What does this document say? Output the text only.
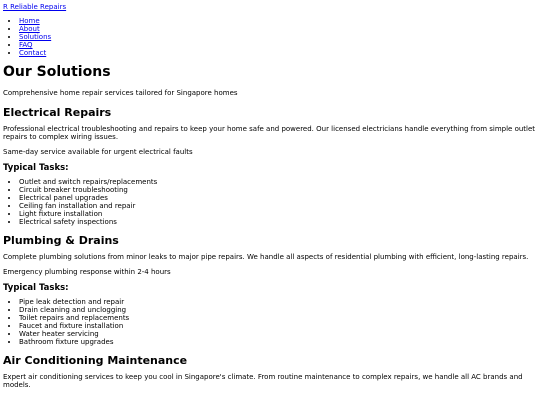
R Reliable Repairs
• Home
• About
• Solutions
• FAQ
• Contact
Our Solutions

Comprehensive home repair services tailored for Singapore homes

Electrical Repairs

Professional electrical troubleshooting and repairs to keep your home safe and powered. Our licensed electricians handle everything from simple outlet repairs to complex wiring issues.

Same-day service available for urgent electrical faults

Typical Tasks:
• Outlet and switch repairs/replacements
• Circuit breaker troubleshooting
• Electrical panel upgrades
• Ceiling fan installation and repair
• Light fixture installation
• Electrical safety inspections
Plumbing & Drains

Complete plumbing solutions from minor leaks to major pipe repairs. We handle all aspects of residential plumbing with efficient, long-lasting repairs.

Emergency plumbing response within 2-4 hours

Typical Tasks:
• Pipe leak detection and repair
• Drain cleaning and unclogging
• Toilet repairs and replacements
• Faucet and fixture installation
• Water heater servicing
• Bathroom fixture upgrades
Air Conditioning Maintenance

Expert air conditioning services to keep you cool in Singapore's climate. From routine maintenance to complex repairs, we handle all AC brands and models.
